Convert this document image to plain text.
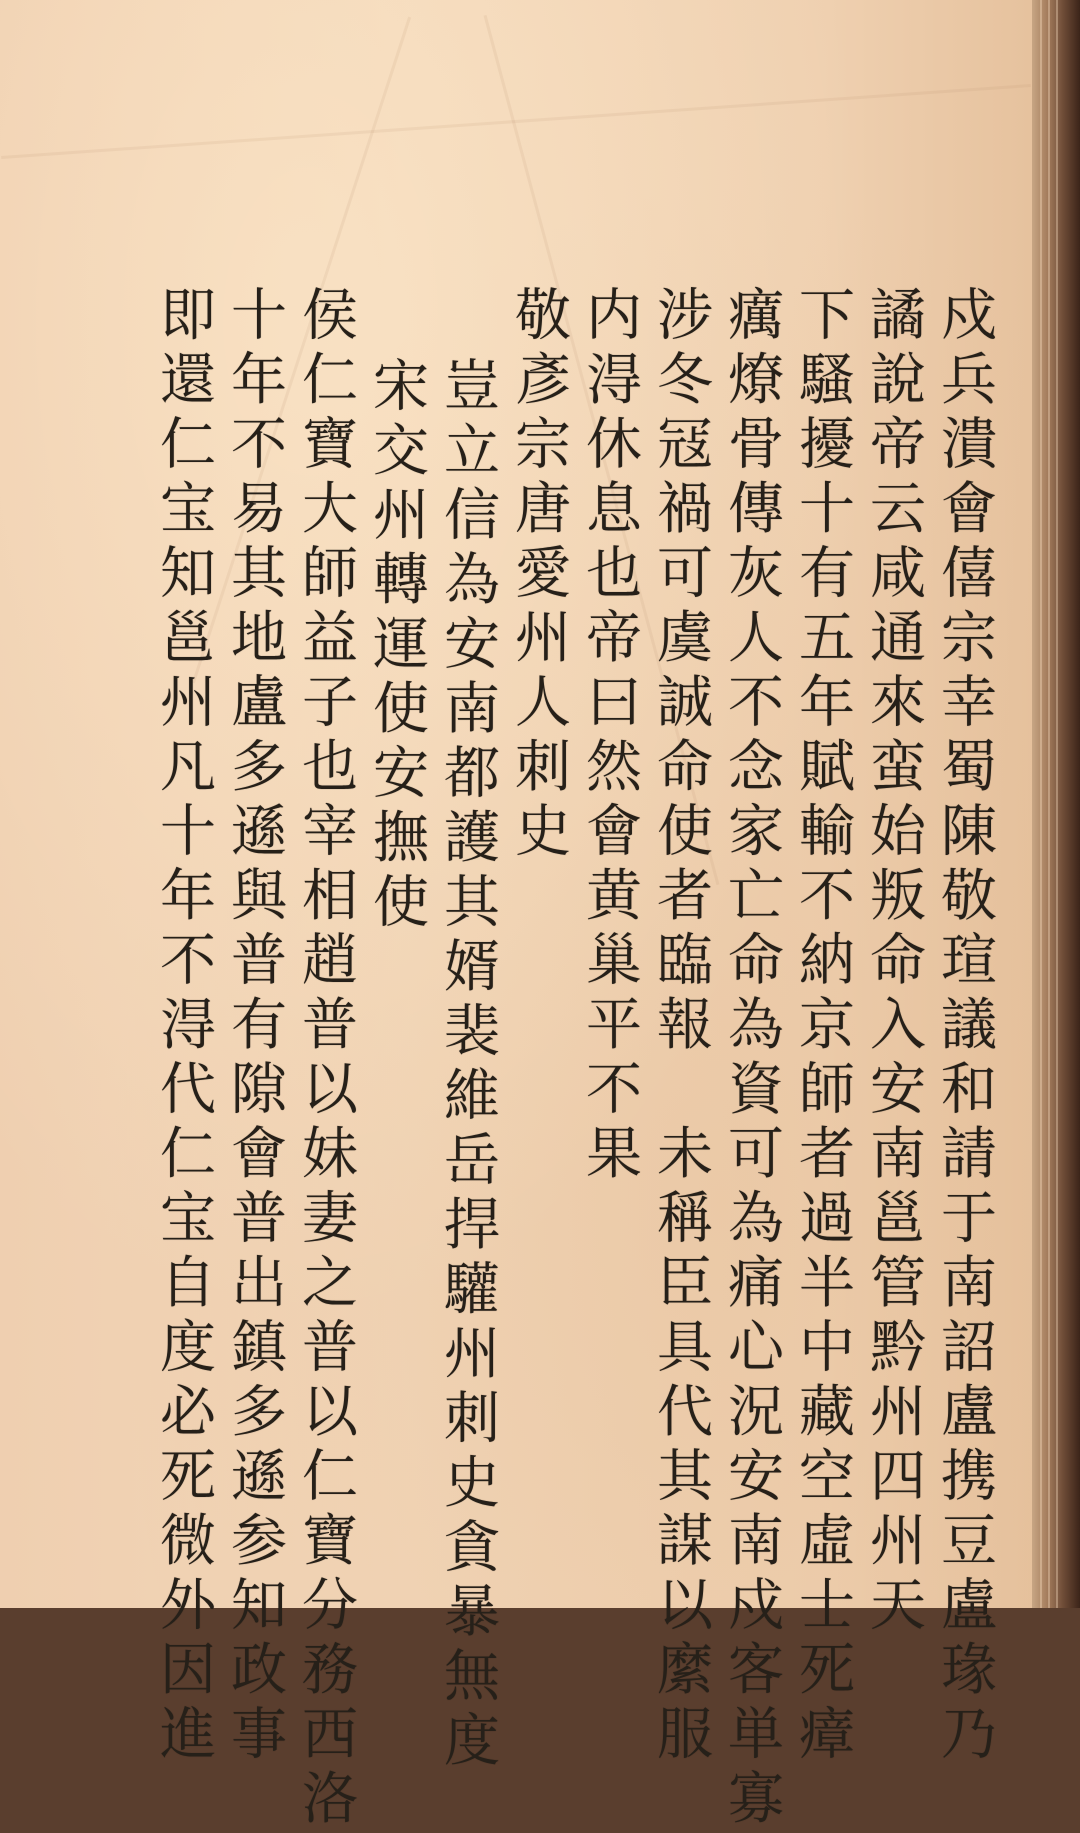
戍兵潰會僖宗幸蜀陳敬瑄議和請于南詔盧携豆盧瑑乃
譎說帝云咸通來蛮始叛命入安南邕管黔州四州天
下騷擾十有五年賦輸不納京師者過半中藏空虛士死瘴
癘燎骨傳灰人不念家亡命為資可為痛心況安南戍客単寡
涉冬冦禍可虞誠命使者臨報　未稱臣具代其謀以縻服
内淂休息也帝曰然會黄巢平不果
敬彥宗唐愛州人刺史
豈立信為安南都護其婿裴維岳捍驩州刺史貪暴無度
宋交州轉運使安撫使
侯仁寶大師益子也宰相趙普以妹妻之普以仁寶分務西洛
十年不易其地盧多遜與普有隙會普出鎮多遜参知政事
即還仁宝知邕州凡十年不淂代仁宝自度必死微外因進
